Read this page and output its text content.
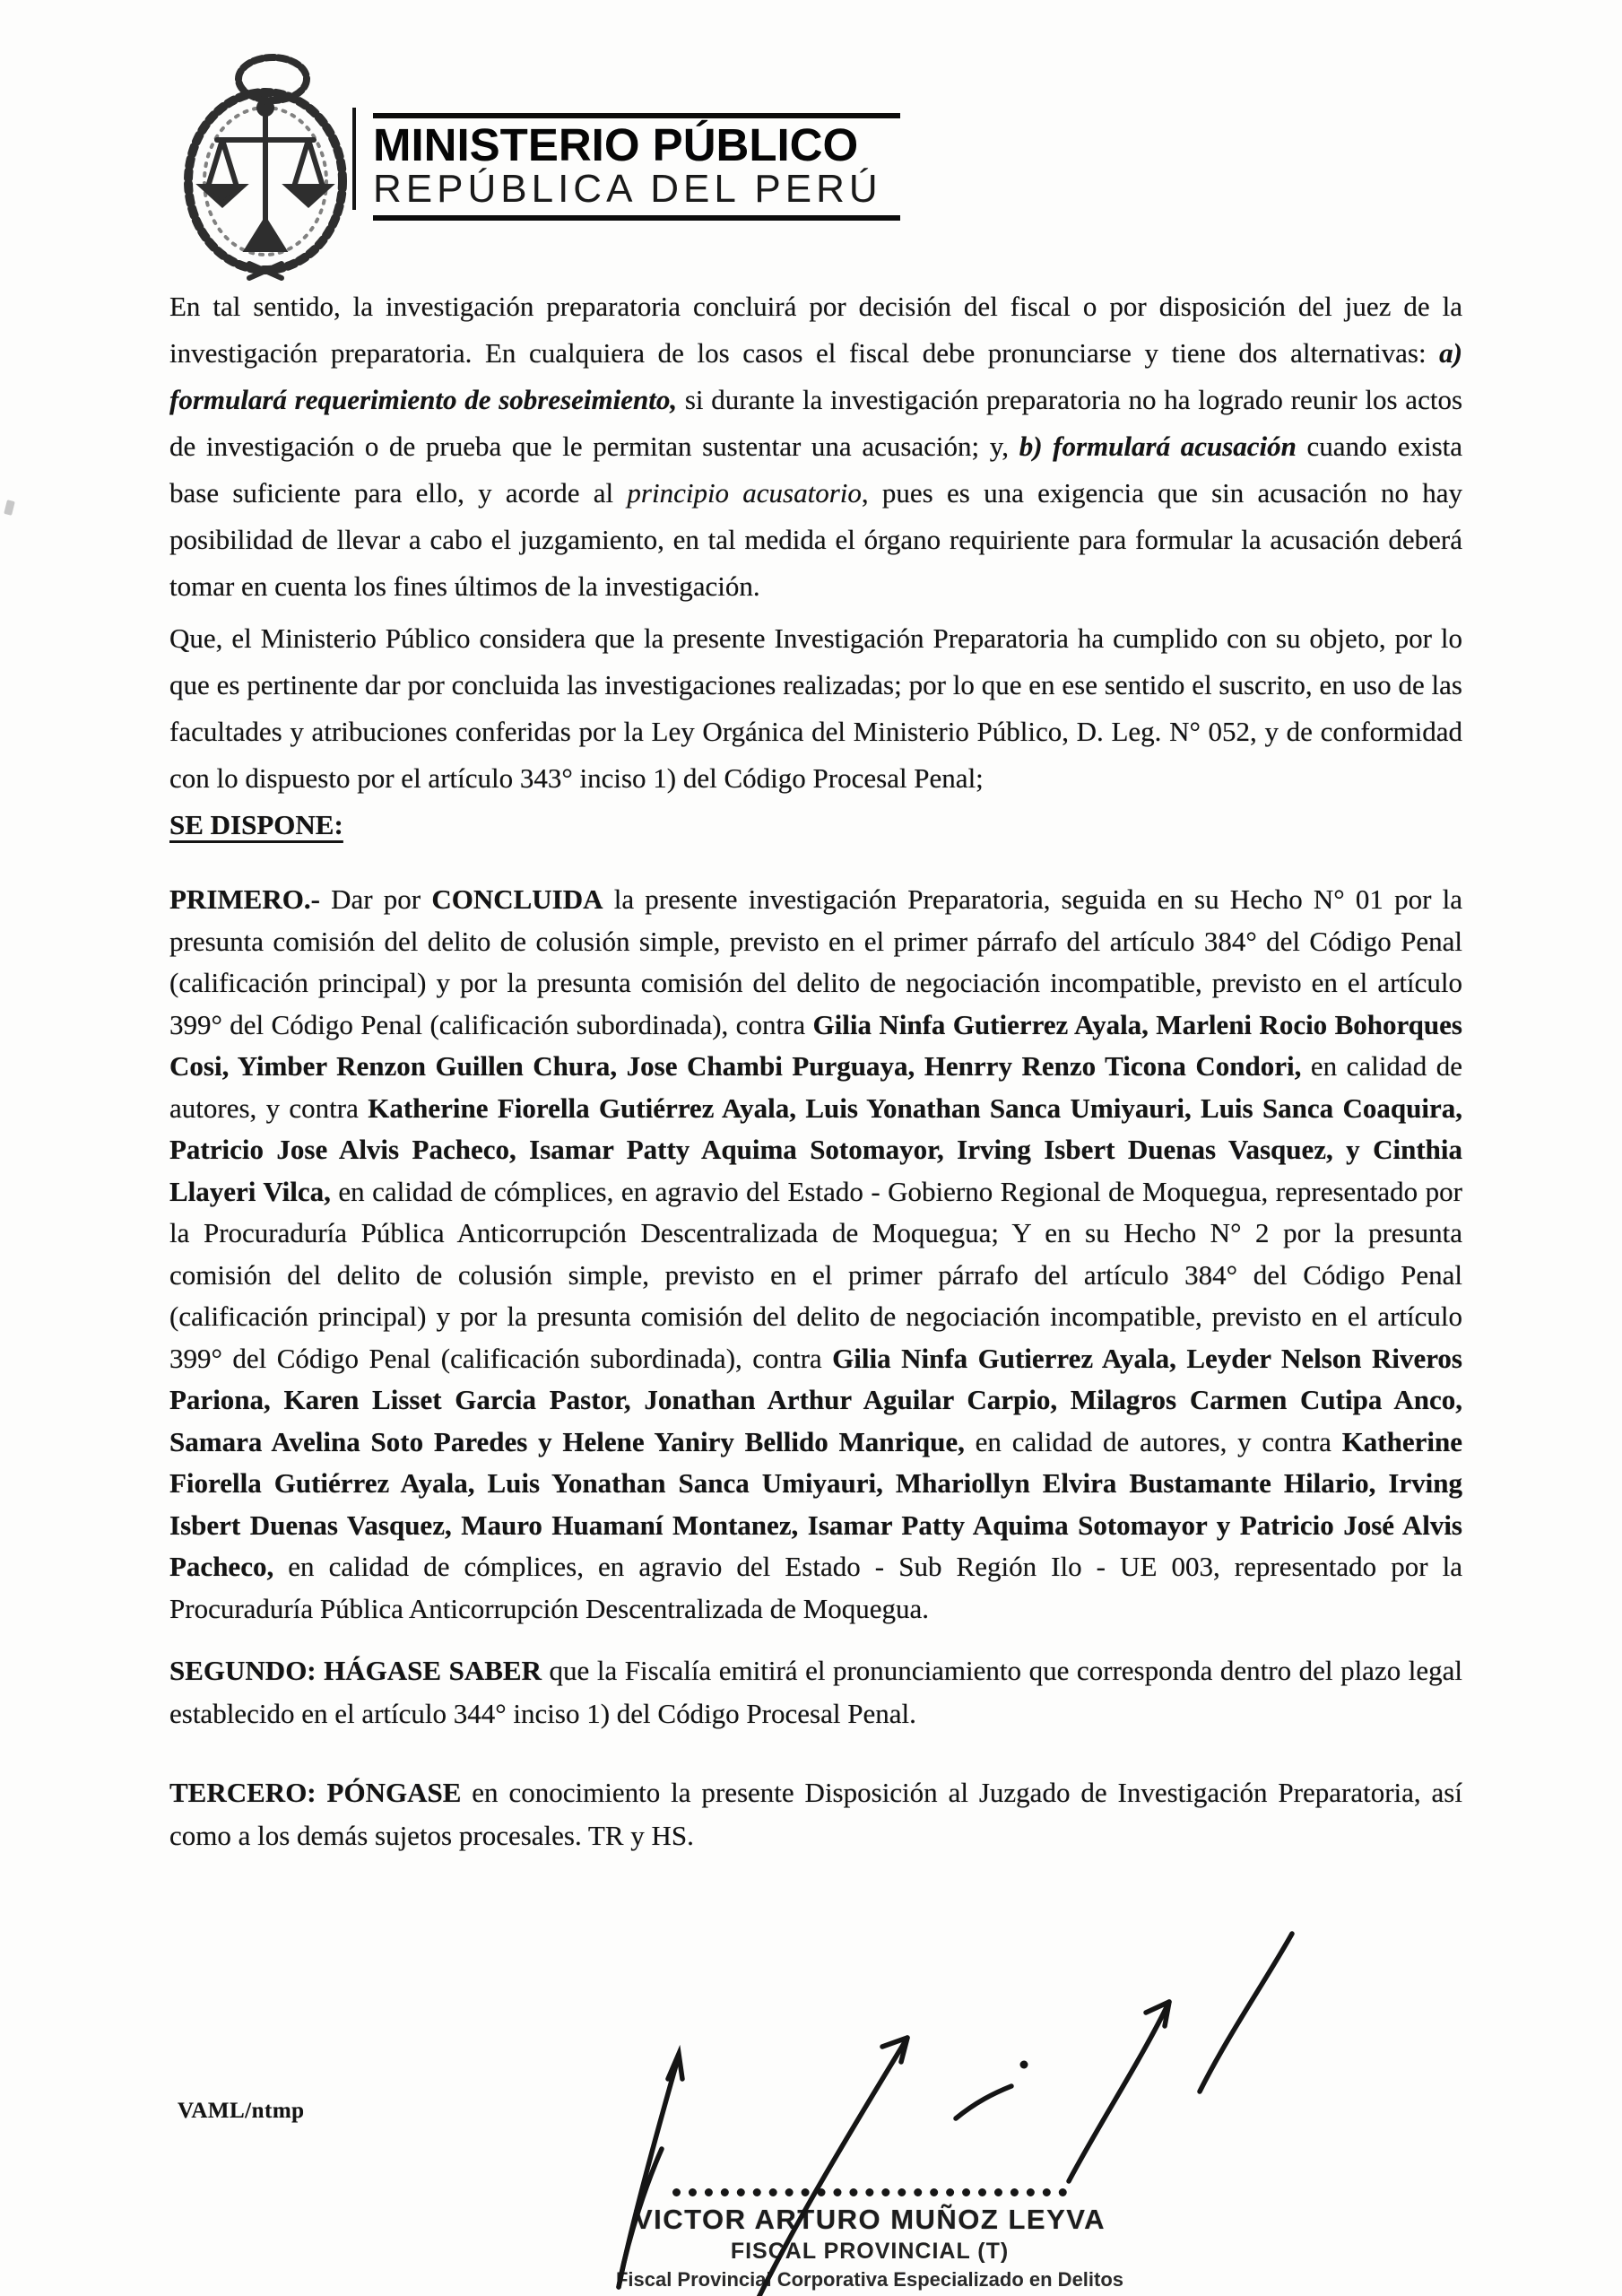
MINISTERIO PÚBLICO
REPÚBLICA DEL PERÚ

En tal sentido, la investigación preparatoria concluirá por decisión del fiscal o por disposición del juez de la investigación preparatoria. En cualquiera de los casos el fiscal debe pronunciarse y tiene dos alternativas: a) formulará requerimiento de sobreseimiento, si durante la investigación preparatoria no ha logrado reunir los actos de investigación o de prueba que le permitan sustentar una acusación; y, b) formulará acusación cuando exista base suficiente para ello, y acorde al principio acusatorio, pues es una exigencia que sin acusación no hay posibilidad de llevar a cabo el juzgamiento, en tal medida el órgano requiriente para formular la acusación deberá tomar en cuenta los fines últimos de la investigación.

Que, el Ministerio Público considera que la presente Investigación Preparatoria ha cumplido con su objeto, por lo que es pertinente dar por concluida las investigaciones realizadas; por lo que en ese sentido el suscrito, en uso de las facultades y atribuciones conferidas por la Ley Orgánica del Ministerio Público, D. Leg. N° 052, y de conformidad con lo dispuesto por el artículo 343° inciso 1) del Código Procesal Penal;

SE DISPONE:

PRIMERO.- Dar por CONCLUIDA la presente investigación Preparatoria, seguida en su Hecho N° 01 por la presunta comisión del delito de colusión simple, previsto en el primer párrafo del artículo 384° del Código Penal (calificación principal) y por la presunta comisión del delito de negociación incompatible, previsto en el artículo 399° del Código Penal (calificación subordinada), contra Gilia Ninfa Gutierrez Ayala, Marleni Rocio Bohorques Cosi, Yimber Renzon Guillen Chura, Jose Chambi Purguaya, Henrry Renzo Ticona Condori, en calidad de autores, y contra Katherine Fiorella Gutiérrez Ayala, Luis Yonathan Sanca Umiyauri, Luis Sanca Coaquira, Patricio Jose Alvis Pacheco, Isamar Patty Aquima Sotomayor, Irving Isbert Duenas Vasquez, y Cinthia Llayeri Vilca, en calidad de cómplices, en agravio del Estado - Gobierno Regional de Moquegua, representado por la Procuraduría Pública Anticorrupción Descentralizada de Moquegua; Y en su Hecho N° 2 por la presunta comisión del delito de colusión simple, previsto en el primer párrafo del artículo 384° del Código Penal (calificación principal) y por la presunta comisión del delito de negociación incompatible, previsto en el artículo 399° del Código Penal (calificación subordinada), contra Gilia Ninfa Gutierrez Ayala, Leyder Nelson Riveros Pariona, Karen Lisset Garcia Pastor, Jonathan Arthur Aguilar Carpio, Milagros Carmen Cutipa Anco, Samara Avelina Soto Paredes y Helene Yaniry Bellido Manrique, en calidad de autores, y contra Katherine Fiorella Gutiérrez Ayala, Luis Yonathan Sanca Umiyauri, Mhariollyn Elvira Bustamante Hilario, Irving Isbert Duenas Vasquez, Mauro Huamaní Montanez, Isamar Patty Aquima Sotomayor y Patricio José Alvis Pacheco, en calidad de cómplices, en agravio del Estado - Sub Región Ilo - UE 003, representado por la Procuraduría Pública Anticorrupción Descentralizada de Moquegua.

SEGUNDO: HÁGASE SABER que la Fiscalía emitirá el pronunciamiento que corresponda dentro del plazo legal establecido en el artículo 344° inciso 1) del Código Procesal Penal.

TERCERO: PÓNGASE en conocimiento la presente Disposición al Juzgado de Investigación Preparatoria, así como a los demás sujetos procesales. TR y HS.

VAML/ntmp
VICTOR ARTURO MUÑOZ LEYVA
FISCAL PROVINCIAL (T)
Fiscal Provincial Corporativa Especializado en Delitos
